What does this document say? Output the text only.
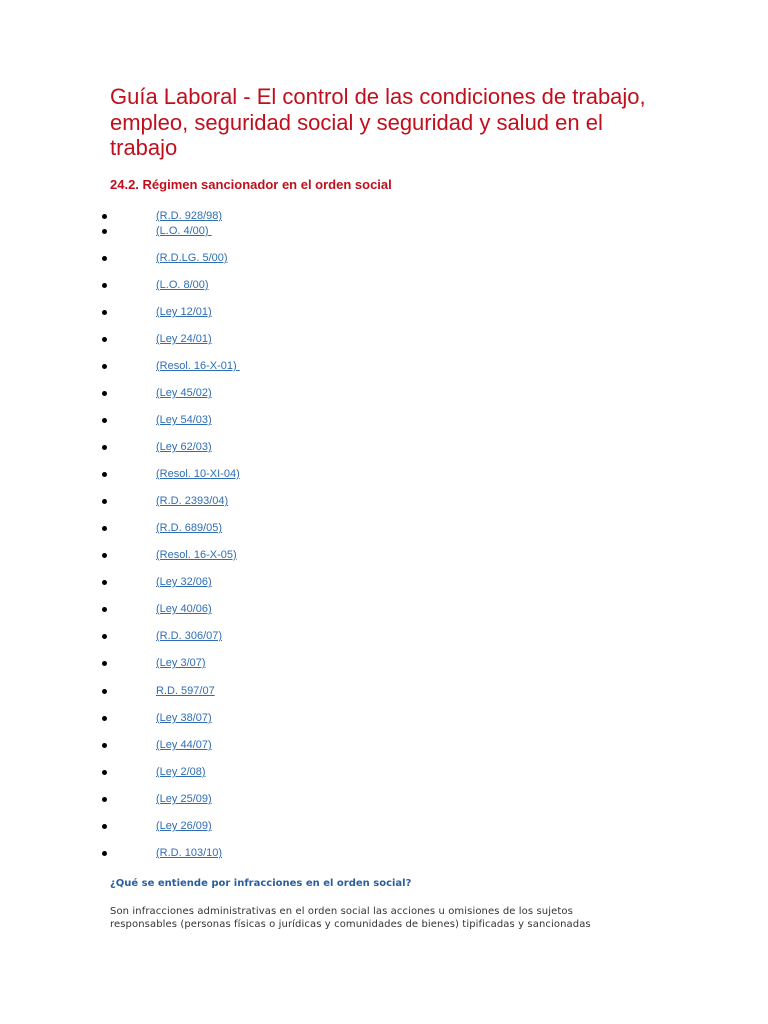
Guía Laboral - El control de las condiciones de trabajo, empleo, seguridad social y seguridad y salud en el trabajo
24.2. Régimen sancionador en el orden social
(R.D. 928/98)
(L.O. 4/00)
(R.D.LG. 5/00)
(L.O. 8/00)
(Ley 12/01)
(Ley 24/01)
(Resol. 16-X-01)
(Ley 45/02)
(Ley 54/03)
(Ley 62/03)
(Resol. 10-XI-04)
(R.D. 2393/04)
(R.D. 689/05)
(Resol. 16-X-05)
(Ley 32/06)
(Ley 40/06)
(R.D. 306/07)
(Ley 3/07)
R.D. 597/07
(Ley 38/07)
(Ley 44/07)
(Ley 2/08)
(Ley 25/09)
(Ley 26/09)
(R.D. 103/10)
¿Qué se entiende por infracciones en el orden social?

Son infracciones administrativas en el orden social las acciones u omisiones de los sujetos responsables (personas físicas o jurídicas y comunidades de bienes) tipificadas y sancionadas
